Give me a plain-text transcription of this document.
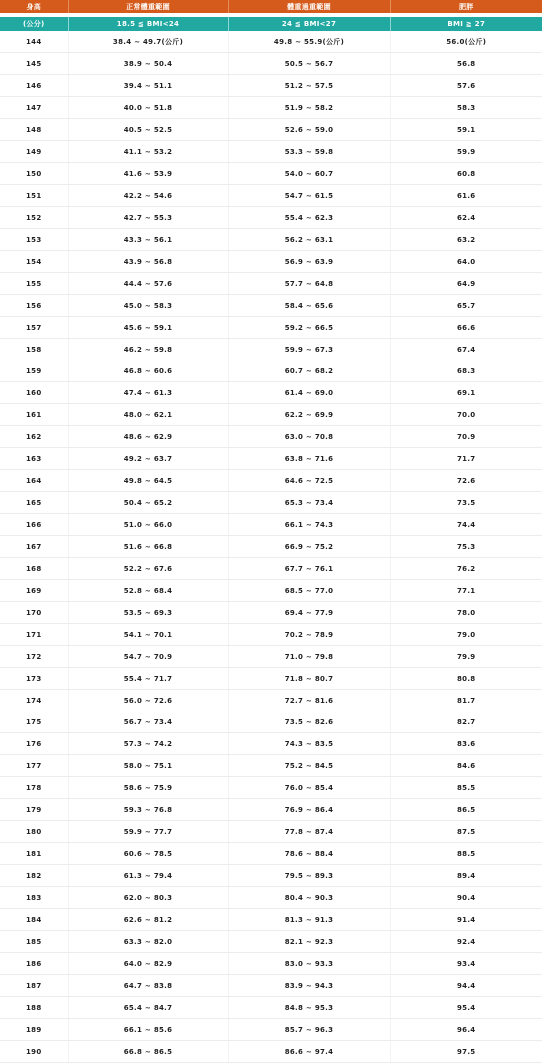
身高	正常體重範圍	體重過重範圍	肥胖

(公分)	18.5 ≦ BMI<24	24 ≦ BMI<27	BMI ≧ 27
144	38.4 ~ 49.7(公斤)	49.8 ~ 55.9(公斤)	56.0(公斤)
145	38.9 ~ 50.4	50.5 ~ 56.7	56.8
146	39.4 ~ 51.1	51.2 ~ 57.5	57.6
147	40.0 ~ 51.8	51.9 ~ 58.2	58.3
148	40.5 ~ 52.5	52.6 ~ 59.0	59.1
149	41.1 ~ 53.2	53.3 ~ 59.8	59.9
150	41.6 ~ 53.9	54.0 ~ 60.7	60.8
151	42.2 ~ 54.6	54.7 ~ 61.5	61.6
152	42.7 ~ 55.3	55.4 ~ 62.3	62.4
153	43.3 ~ 56.1	56.2 ~ 63.1	63.2
154	43.9 ~ 56.8	56.9 ~ 63.9	64.0
155	44.4 ~ 57.6	57.7 ~ 64.8	64.9
156	45.0 ~ 58.3	58.4 ~ 65.6	65.7
157	45.6 ~ 59.1	59.2 ~ 66.5	66.6
158	46.2 ~ 59.8	59.9 ~ 67.3	67.4
159	46.8 ~ 60.6	60.7 ~ 68.2	68.3
160	47.4 ~ 61.3	61.4 ~ 69.0	69.1
161	48.0 ~ 62.1	62.2 ~ 69.9	70.0
162	48.6 ~ 62.9	63.0 ~ 70.8	70.9
163	49.2 ~ 63.7	63.8 ~ 71.6	71.7
164	49.8 ~ 64.5	64.6 ~ 72.5	72.6
165	50.4 ~ 65.2	65.3 ~ 73.4	73.5
166	51.0 ~ 66.0	66.1 ~ 74.3	74.4
167	51.6 ~ 66.8	66.9 ~ 75.2	75.3
168	52.2 ~ 67.6	67.7 ~ 76.1	76.2
169	52.8 ~ 68.4	68.5 ~ 77.0	77.1
170	53.5 ~ 69.3	69.4 ~ 77.9	78.0
171	54.1 ~ 70.1	70.2 ~ 78.9	79.0
172	54.7 ~ 70.9	71.0 ~ 79.8	79.9
173	55.4 ~ 71.7	71.8 ~ 80.7	80.8
174	56.0 ~ 72.6	72.7 ~ 81.6	81.7
175	56.7 ~ 73.4	73.5 ~ 82.6	82.7
176	57.3 ~ 74.2	74.3 ~ 83.5	83.6
177	58.0 ~ 75.1	75.2 ~ 84.5	84.6
178	58.6 ~ 75.9	76.0 ~ 85.4	85.5
179	59.3 ~ 76.8	76.9 ~ 86.4	86.5
180	59.9 ~ 77.7	77.8 ~ 87.4	87.5
181	60.6 ~ 78.5	78.6 ~ 88.4	88.5
182	61.3 ~ 79.4	79.5 ~ 89.3	89.4
183	62.0 ~ 80.3	80.4 ~ 90.3	90.4
184	62.6 ~ 81.2	81.3 ~ 91.3	91.4
185	63.3 ~ 82.0	82.1 ~ 92.3	92.4
186	64.0 ~ 82.9	83.0 ~ 93.3	93.4
187	64.7 ~ 83.8	83.9 ~ 94.3	94.4
188	65.4 ~ 84.7	84.8 ~ 95.3	95.4
189	66.1 ~ 85.6	85.7 ~ 96.3	96.4
190	66.8 ~ 86.5	86.6 ~ 97.4	97.5
